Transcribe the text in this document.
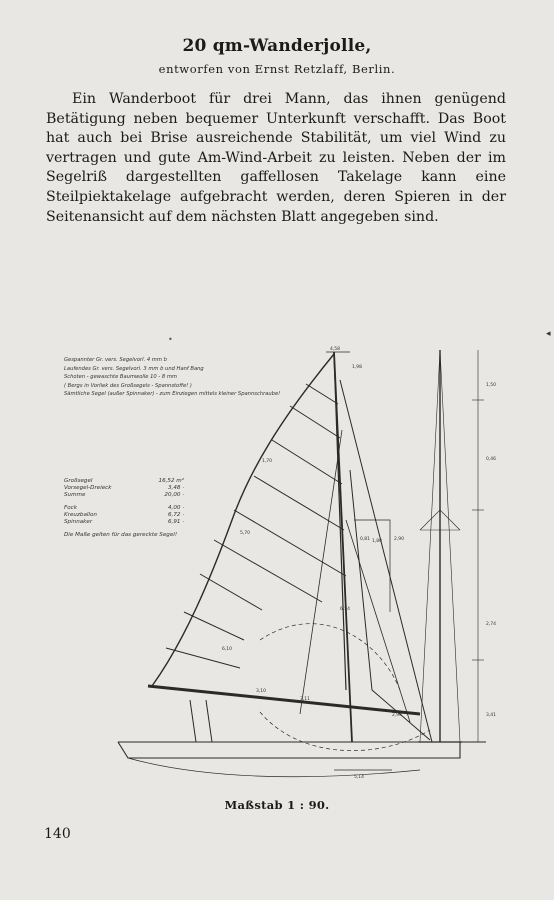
20 qm-Wanderjolle,
entworfen von Ernst Retzlaff, Berlin.
Ein Wanderboot für drei Mann, das ihnen genügend Betätigung neben bequemer Unterkunft verschafft. Das Boot hat auch bei Brise ausreichende Stabilität, um viel Wind zu vertragen und gute Am-Wind-Arbeit zu leisten. Neben der im Segelriß dargestellten gaffellosen Takelage kann eine Steilpiektakelage aufgebracht werden, deren Spieren in der Seitenansicht auf dem nächsten Blatt angegeben sind.
•
◂
Gespannter Gr. vers. Segelvorl. 4 mm b
Laufendes Gr. vers. Segelvorl. 3 mm b und Hanf Bang
Schoten - gewaschte Baumwolle 10 - 8 mm
( Bergs in Vorliek des Großsegels - Spannstoffe! )
Sämtliche Segel (außer Spinnaker) - zum Einziegen mittels kleiner Spannschraube!
Großsegel	16,52 m²
Vorsegel-Dreieck	3,48 ·
Summe	20,00 ·
Fock	4,00 ·
Kreuzballon	6,72 ·
Spinnaker	6,91 ·
Die Maße gelten für das gereckte Segel!
4,58
1,98
1,70
5,70
6,10
3,10
2,94
5,14
1,50
0,46
2,74
3,41
0,81 1,80	2,90
6,54
3,11
Maßstab 1 : 90.
140
